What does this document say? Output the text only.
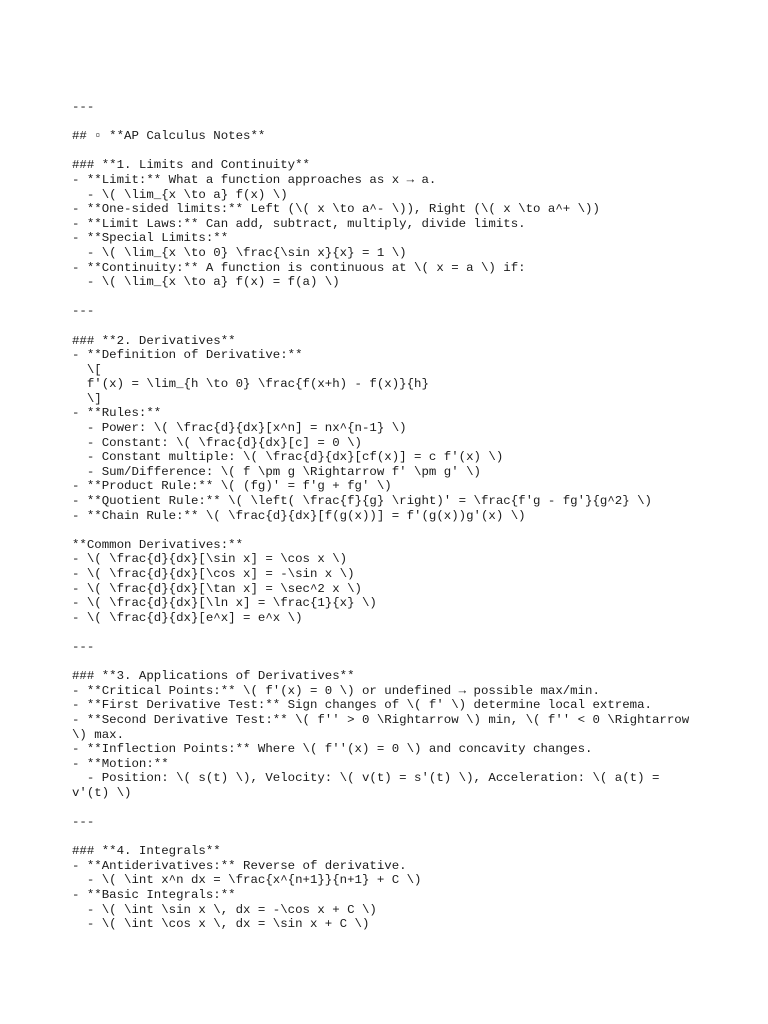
---
## ▫ **AP Calculus Notes**
### **1. Limits and Continuity**
- **Limit:** What a function approaches as x → a.
- \( \lim_{x \to a} f(x) \)
- **One-sided limits:** Left (\( x \to a^- \)), Right (\( x \to a^+ \))
- **Limit Laws:** Can add, subtract, multiply, divide limits.
- **Special Limits:**
- \( \lim_{x \to 0} \frac{\sin x}{x} = 1 \)
- **Continuity:** A function is continuous at \( x = a \) if:
- \( \lim_{x \to a} f(x) = f(a) \)
---
### **2. Derivatives**
- **Definition of Derivative:**
\[
f'(x) = \lim_{h \to 0} \frac{f(x+h) - f(x)}{h}
\]
- **Rules:**
- Power: \( \frac{d}{dx}[x^n] = nx^{n-1} \)
- Constant: \( \frac{d}{dx}[c] = 0 \)
- Constant multiple: \( \frac{d}{dx}[cf(x)] = c f'(x) \)
- Sum/Difference: \( f \pm g \Rightarrow f' \pm g' \)
- **Product Rule:** \( (fg)' = f'g + fg' \)
- **Quotient Rule:** \( \left( \frac{f}{g} \right)' = \frac{f'g - fg'}{g^2} \)
- **Chain Rule:** \( \frac{d}{dx}[f(g(x))] = f'(g(x))g'(x) \)
**Common Derivatives:**
- \( \frac{d}{dx}[\sin x] = \cos x \)
- \( \frac{d}{dx}[\cos x] = -\sin x \)
- \( \frac{d}{dx}[\tan x] = \sec^2 x \)
- \( \frac{d}{dx}[\ln x] = \frac{1}{x} \)
- \( \frac{d}{dx}[e^x] = e^x \)
---
### **3. Applications of Derivatives**
- **Critical Points:** \( f'(x) = 0 \) or undefined → possible max/min.
- **First Derivative Test:** Sign changes of \( f' \) determine local extrema.
- **Second Derivative Test:** \( f'' > 0 \Rightarrow \) min, \( f'' < 0 \Rightarrow
\) max.
- **Inflection Points:** Where \( f''(x) = 0 \) and concavity changes.
- **Motion:**
- Position: \( s(t) \), Velocity: \( v(t) = s'(t) \), Acceleration: \( a(t) =
v'(t) \)
---
### **4. Integrals**
- **Antiderivatives:** Reverse of derivative.
- \( \int x^n dx = \frac{x^{n+1}}{n+1} + C \)
- **Basic Integrals:**
- \( \int \sin x \, dx = -\cos x + C \)
- \( \int \cos x \, dx = \sin x + C \)
